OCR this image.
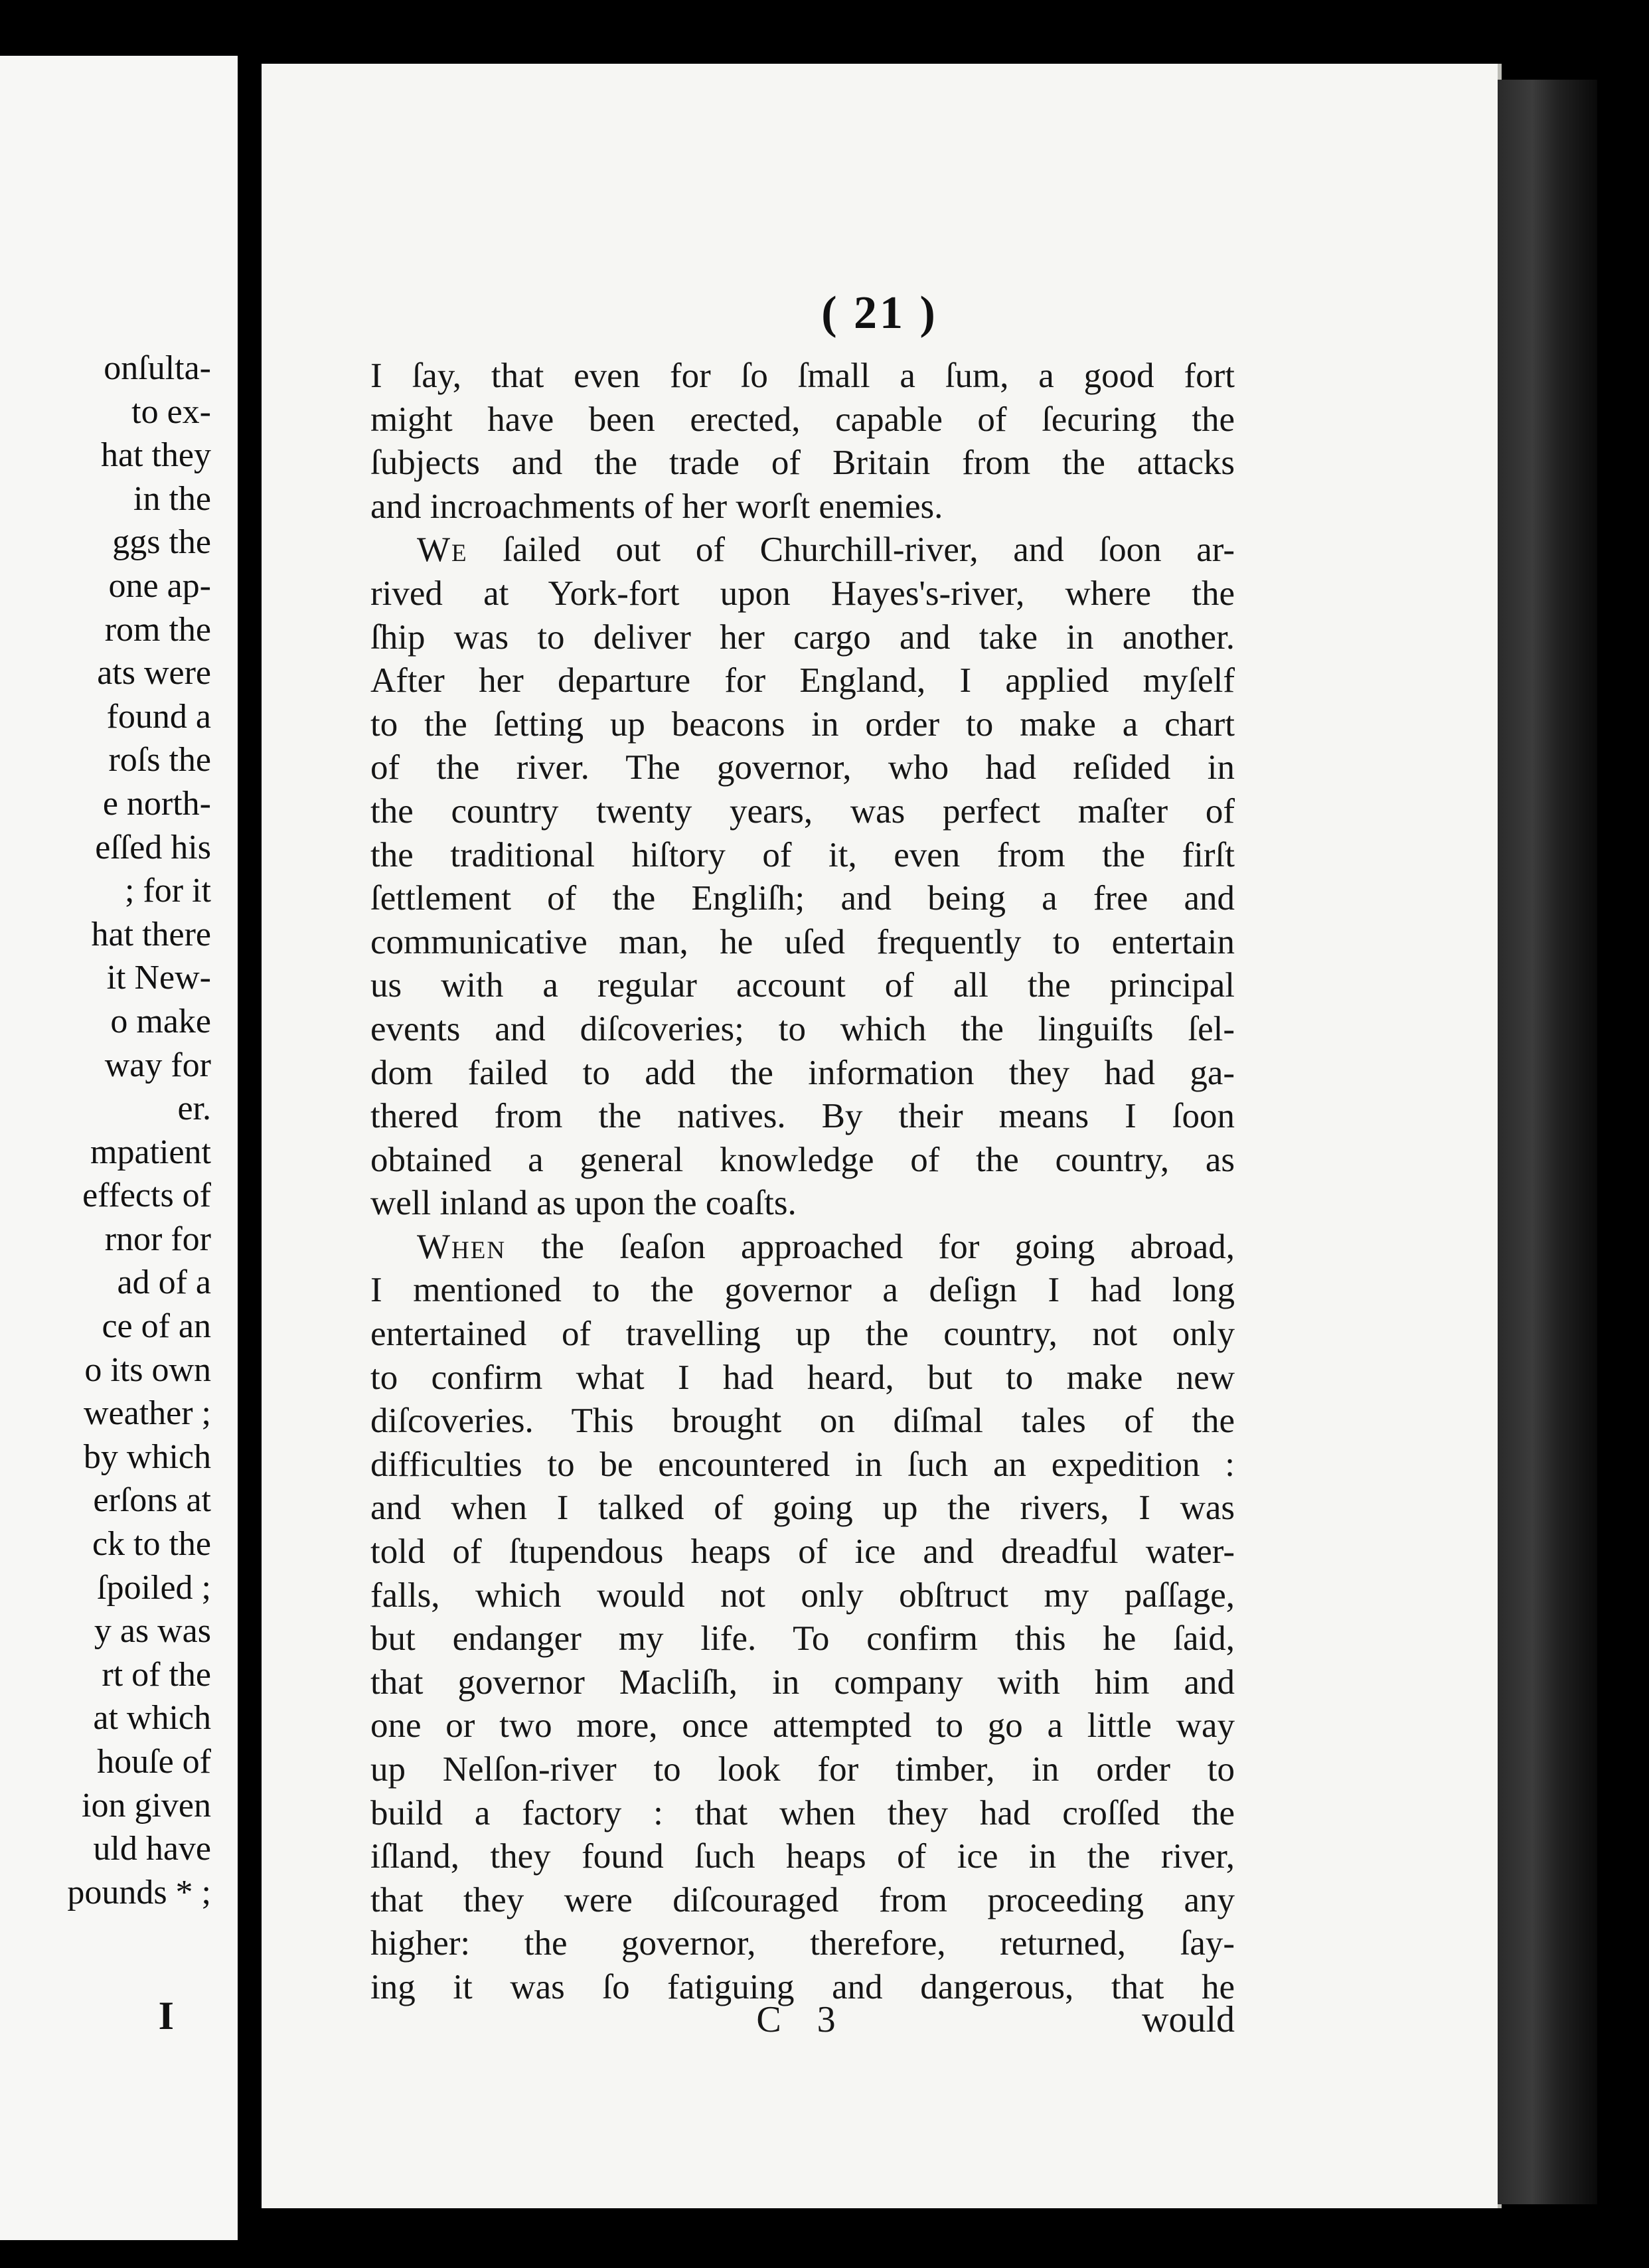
onſulta-
to ex-
hat they
in the
ggs the
one ap-
rom the
ats were
found a
roſs the
e north-
eſſed his
; for it
hat there
it New-
o make
way for
er.
mpatient
effects of
rnor for
ad of a
ce of an
o its own
weather ;
by which
erſons at
ck to the
ſpoiled ;
y as was
rt of the
at which
houſe of
ion given
uld have
pounds * ;
I
( 21 )
I ſay, that even for ſo ſmall a ſum, a good fort
might have been erected, capable of ſecuring the
ſubjects and the trade of Britain from the attacks
and incroachments of her worſt enemies.
We ſailed out of Churchill-river, and ſoon ar-
rived at York-fort upon Hayes's-river, where the
ſhip was to deliver her cargo and take in another.
After her departure for England, I applied myſelf
to the ſetting up beacons in order to make a chart
of the river. The governor, who had reſided in
the country twenty years, was perfect maſter of
the traditional hiſtory of it, even from the firſt
ſettlement of the Engliſh; and being a free and
communicative man, he uſed frequently to entertain
us with a regular account of all the principal
events and diſcoveries; to which the linguiſts ſel-
dom failed to add the information they had ga-
thered from the natives. By their means I ſoon
obtained a general knowledge of the country, as
well inland as upon the coaſts.
When the ſeaſon approached for going abroad,
I mentioned to the governor a deſign I had long
entertained of travelling up the country, not only
to confirm what I had heard, but to make new
diſcoveries. This brought on diſmal tales of the
difficulties to be encountered in ſuch an expedition :
and when I talked of going up the rivers, I was
told of ſtupendous heaps of ice and dreadful water-
falls, which would not only obſtruct my paſſage,
but endanger my life. To confirm this he ſaid,
that governor Macliſh, in company with him and
one or two more, once attempted to go a little way
up Nelſon-river to look for timber, in order to
build a factory : that when they had croſſed the
iſland, they found ſuch heaps of ice in the river,
that they were diſcouraged from proceeding any
higher: the governor, therefore, returned, ſay-
ing it was ſo fatiguing and dangerous, that he
C 3	would
